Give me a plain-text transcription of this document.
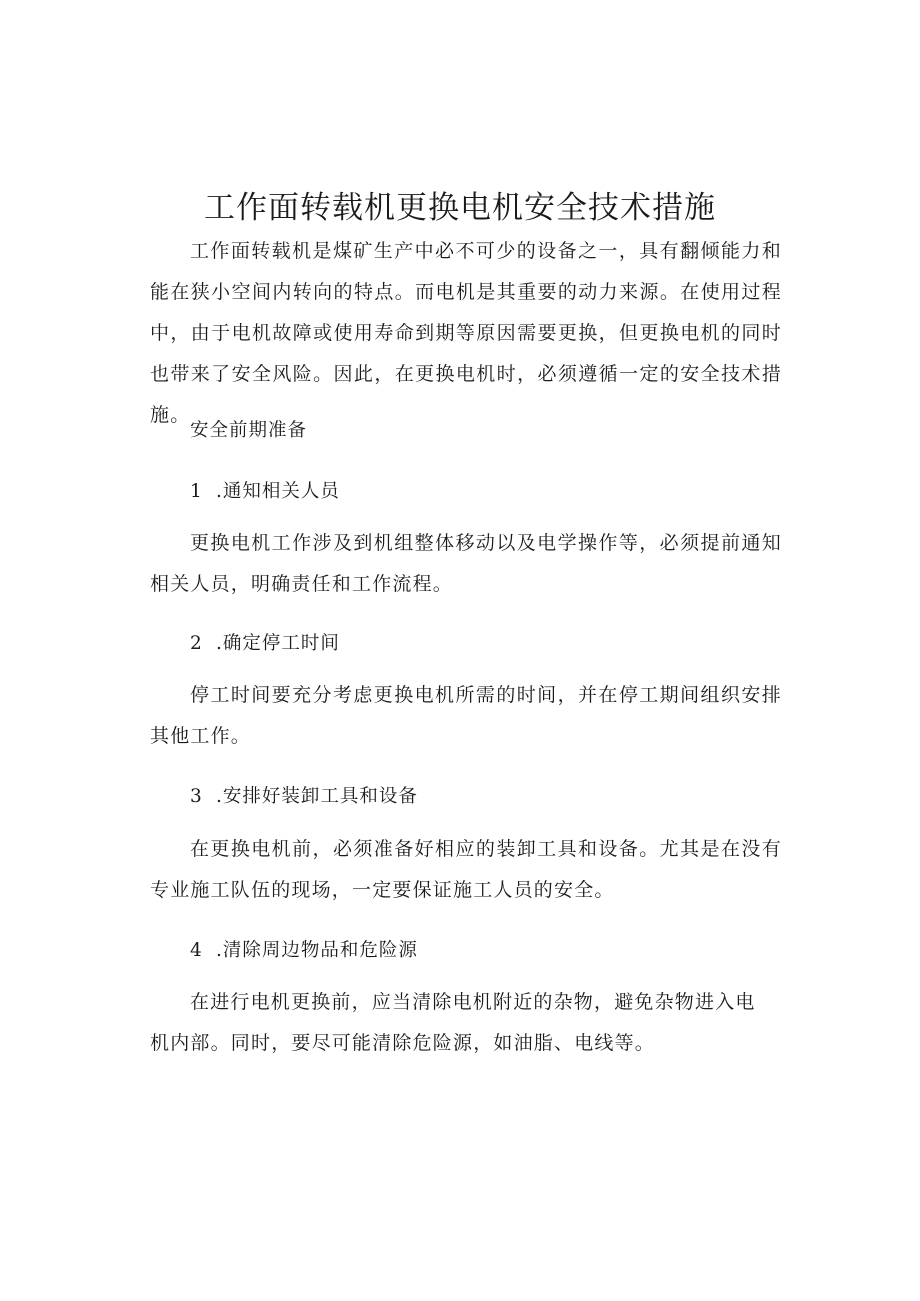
工作面转载机更换电机安全技术措施

工作面转载机是煤矿生产中必不可少的设备之一，具有翻倾能力和能在狭小空间内转向的特点。而电机是其重要的动力来源。在使用过程中，由于电机故障或使用寿命到期等原因需要更换，但更换电机的同时也带来了安全风险。因此，在更换电机时，必须遵循一定的安全技术措施。

安全前期准备

1 .通知相关人员

更换电机工作涉及到机组整体移动以及电学操作等，必须提前通知相关人员，明确责任和工作流程。

2 .确定停工时间

停工时间要充分考虑更换电机所需的时间，并在停工期间组织安排其他工作。

3 .安排好装卸工具和设备

在更换电机前，必须准备好相应的装卸工具和设备。尤其是在没有专业施工队伍的现场，一定要保证施工人员的安全。

4 .清除周边物品和危险源

在进行电机更换前，应当清除电机附近的杂物，避免杂物进入电

机内部。同时，要尽可能清除危险源，如油脂、电线等。
